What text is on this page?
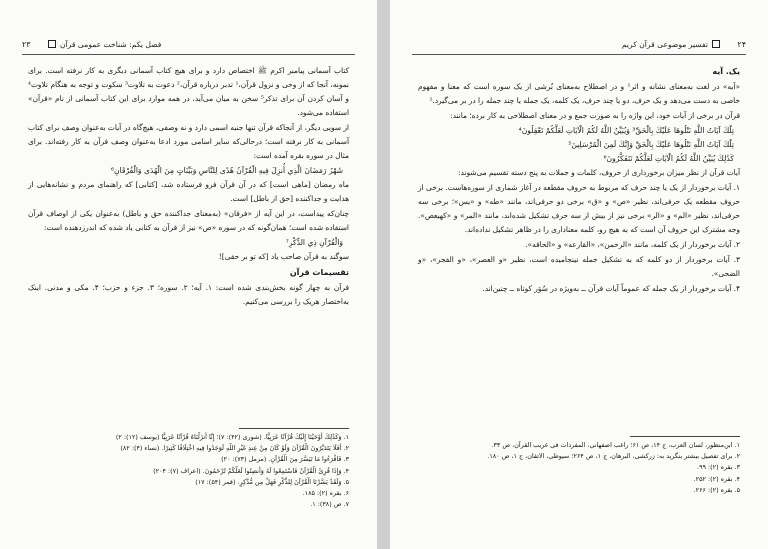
۲۳	فصل یکم: شناخت عمومی قرآن

کتاب آسمانی پیامبر اکرم ﷺ اختصاص دارد و برای هیچ کتاب آسمانی دیگری به کار نرفته است. برای نمونه، آنجا که از وحی و نزول قرآن،¹ تدبر درباره قرآن،² دعوت به تلاوت³ سکوت و توجه به هنگام تلاوت⁴ و آسان کردن آن برای تذکر⁵ سخن به میان می‌آید، در همه موارد برای این کتاب آسمانی از نام «قرآن» استفاده می‌شود.

از سویی دیگر، از آنجاکه قرآن تنها جنبه اسمی دارد و نه وصفی، هیچ‌گاه در آیات به‌عنوان وصف برای کتاب آسمانی به کار نرفته است؛ درحالی‌که سایر اسامی مورد ادعا به‌عنوان وصف قرآن به کار رفته‌اند. برای مثال در سوره بقره آمده است:

شَهْرُ رَمَضَانَ الَّذِي أُنزِلَ فِيهِ الْقُرْآنُ هُدًى لِلنَّاسِ وَبَيِّنَاتٍ مِنَ الْهُدَى وَالْفُرْقَانِ⁶

ماه رمضان [ماهی است] که در آن قرآن فرو فرستاده شد، [کتابی] که راهنمای مردم و نشانه‌هایی از هدایت و جداکننده [حق از باطل] است.

چنان‌که پیداست، در این آیه از «فرقان» (به‌معنای جداکننده حق و باطل) به‌عنوان یکی از اوصاف قرآن استفاده شده است؛ همان‌گونه که در سوره «ص» نیز از قرآن به کتابی یاد شده که اندرزدهنده است:

وَالْقُرْآنِ ذِي الذِّكْرِ⁷

سوگند به قرآن صاحب یاد [که تو بر حقی]!

تقسیمات قرآن

قرآن به چهار گونه بخش‌بندی شده است: ۱. آیه؛ ۲. سوره؛ ۳. جزء و حزب؛ ۴. مکی و مدنی. اینک به‌اختصار هریک را بررسی می‌کنیم.

۱. وَكَذَٰلِكَ أَوْحَيْنَا إِلَيْكَ قُرْآنًا عَرَبِيًّا. (شوری (۴۲): ۷)؛ إِنَّا أَنزَلْنَاهُ قُرْآنًا عَرَبِيًّا (یوسف (۱۲): ۲)
۲. أَفَلَا يَتَدَبَّرُونَ الْقُرْآنَ وَلَوْ كَانَ مِنْ عِندِ غَيْرِ اللَّهِ لَوَجَدُوا فِيهِ اخْتِلَافًا كَثِيرًا. (نساء (۴): ۸۲)
۳. فَاقْرَءُوا مَا تَيَسَّرَ مِنَ الْقُرْآنِ. (مزمل (۷۳): ۲۰)
۴. وَإِذَا قُرِئَ الْقُرْآنُ فَاسْتَمِعُوا لَهُ وَأَنصِتُوا لَعَلَّكُمْ تُرْحَمُونَ. (اعراف (۷): ۲۰۴)
۵. وَلَقَدْ يَسَّرْنَا الْقُرْآنَ لِلذِّكْرِ فَهَلْ مِن مُّدَّكِرٍ. (قمر (۵۴): ۱۷)
۶. بقره (۲): ۱۸۵.
۷. ص (۳۸): ۱.
۲۴
تفسیر موضوعی قرآن کریم
یک. آیه

«آیه» در لغت به‌معنای نشانه و اثر¹ و در اصطلاح به‌معنای بُرشی از یک سوره است که معنا و مفهوم خاصی به دست می‌دهد و یک حرف، دو یا چند حرف، یک کلمه، یک جمله یا چند جمله را در بر می‌گیرد.²

قرآن در برخی از آیات خود، این واژه را به صورت جمع و در معنای اصطلاحی به کار برده؛ مانند:

تِلْكَ آيَاتُ اللَّهِ نَتْلُوهَا عَلَيْكَ بِالْحَقِّ³ وَيُبَيِّنُ اللَّهُ لَكُمُ الْآيَاتِ لَعَلَّكُمْ تَعْقِلُونَ⁴
تِلْكَ آيَاتُ اللَّهِ نَتْلُوهَا عَلَيْكَ بِالْحَقِّ وَإِنَّكَ لَمِنَ الْمُرْسَلِينَ⁵
كَذَٰلِكَ يُبَيِّنُ اللَّهُ لَكُمُ الْآيَاتِ لَعَلَّكُمْ تَتَفَكَّرُونَ⁶

آیات قرآن از نظر میزان برخورداری از حروف، کلمات و جملات به پنج دسته تقسیم می‌شوند:

۱. آیات برخوردار از یک یا چند حرف که مربوط به حروف مقطعه در آغاز شماری از سوره‌هاست. برخی از حروف مقطعه یک حرفی‌اند، نظیر «ص» و «ق» برخی دو حرفی‌اند، مانند «طه» و «یس»؛ برخی سه حرفی‌اند، نظیر «الم» و «الر» برخی نیز از بیش از سه حرف تشکیل شده‌اند، مانند «المر» و «کهیعص». وجه مشترک این حروف آن است که به هیچ رو، کلمه معناداری را در ظاهر تشکیل نداده‌اند.

۲. آیات برخوردار از یک کلمه، مانند «الرحمن»، «القارعه» و «الحاقه».

۳. آیات برخوردار از دو کلمه که به تشکیل جمله نینجامیده است، نظیر «و العصر»، «و الفجر»، «و الضحی».

۴. آیات برخوردار از یک جمله که عموماً آیات قرآن ــ به‌ویژه در سُوَر کوتاه ــ چنین‌اند.

۱. ابن‌منظور، لسان العرب، ج ۱۴، ص ۶۱؛ راغب اصفهانی، المفردات فی غریب القرآن، ص ۳۳.
۲. برای تفصیل بیشتر بنگرید به: زرکشی، البرهان، ج ۱، ص ۲۶۴؛ سیوطی، الاتقان، ج ۱، ص ۱۸۰.
۳. بقره (۲): ۹۹.
۴. بقره (۲): ۲۵۲.
۵. بقره (۲): ۲۶۶.
